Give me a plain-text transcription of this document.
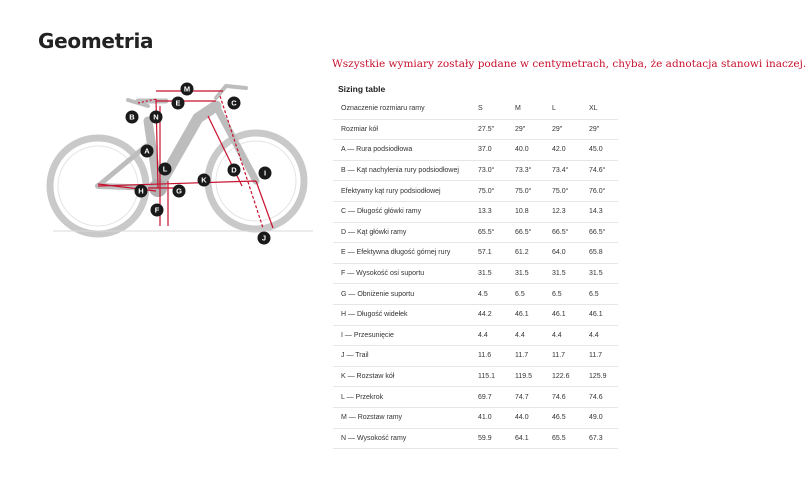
Geometria
A
B
C
D
E
F
G
H
I
J
K
L
M
N
Wszystkie wymiary zostały podane w centymetrach, chyba, że adnotacja stanowi inaczej.
Sizing table
Oznaczenie rozmiaru ramy	S	M	L	XL
Rozmiar kół	27.5"	29"	29"	29"
A — Rura podsiodłowa	37.0	40.0	42.0	45.0
B — Kąt nachylenia rury podsiodłowej	73.0°	73.3°	73.4°	74.6°
Efektywny kąt rury podsiodłowej	75.0°	75.0°	75.0°	76.0°
C — Długość główki ramy	13.3	10.8	12.3	14.3
D — Kąt główki ramy	65.5°	66.5°	66.5°	66.5°
E — Efektywna długość górnej rury	57.1	61.2	64.0	65.8
F — Wysokość osi suportu	31.5	31.5	31.5	31.5
G — Obniżenie suportu	4.5	6.5	6.5	6.5
H — Długość widełek	44.2	46.1	46.1	46.1
I — Przesunięcie	4.4	4.4	4.4	4.4
J — Trail	11.6	11.7	11.7	11.7
K — Rozstaw kół	115.1	119.5	122.6	125.9
L — Przekrok	69.7	74.7	74.6	74.6
M — Rozstaw ramy	41.0	44.0	46.5	49.0
N — Wysokość ramy	59.9	64.1	65.5	67.3
